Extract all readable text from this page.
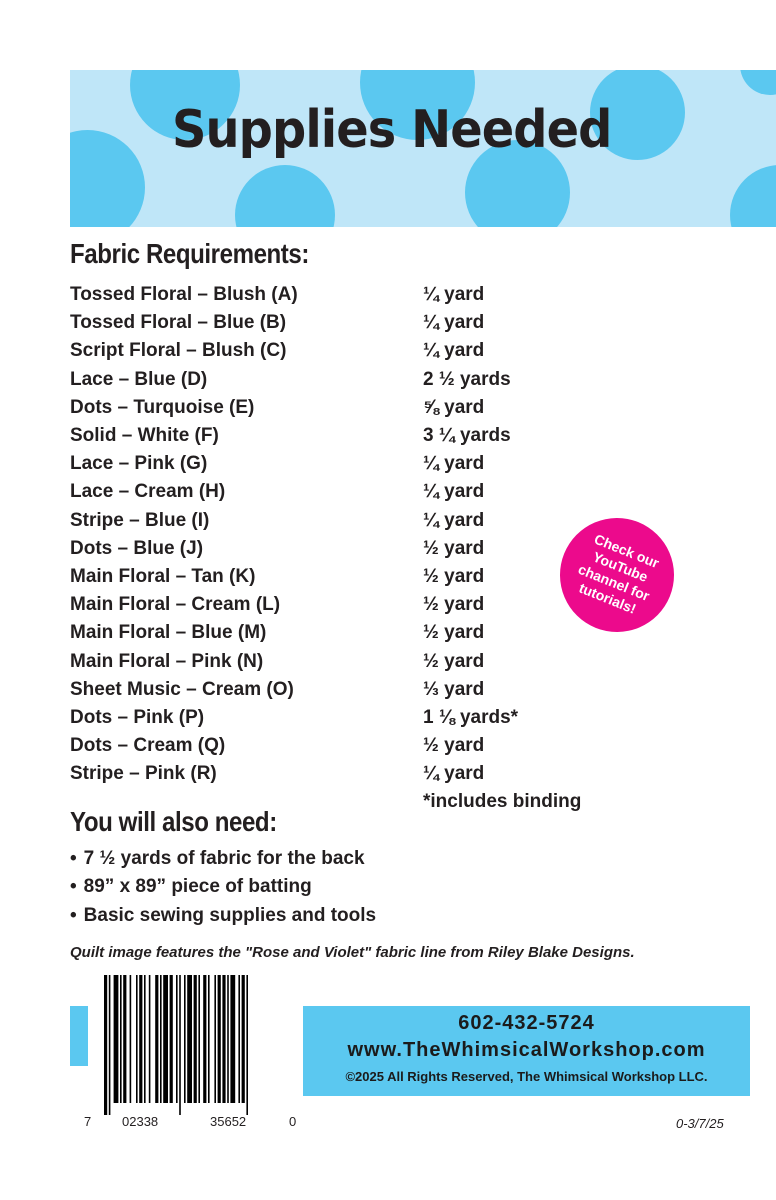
Supplies Needed
Fabric Requirements:
Tossed Floral – Blush (A)	¼ yard
Tossed Floral – Blue (B)	¼ yard
Script Floral – Blush (C)	¼ yard
Lace – Blue (D)	2 ½ yards
Dots – Turquoise (E)	⅝ yard
Solid – White (F)	3 ¼ yards
Lace – Pink (G)	¼ yard
Lace – Cream (H)	¼ yard
Stripe – Blue (I)	¼ yard
Dots – Blue (J)	½ yard
Main Floral – Tan (K)	½ yard
Main Floral – Cream (L)	½ yard
Main Floral – Blue (M)	½ yard
Main Floral – Pink (N)	½ yard
Sheet Music – Cream (O)	⅓ yard
Dots – Pink (P)	1 ⅛ yards*
Dots – Cream (Q)	½ yard
Stripe – Pink (R)	¼ yard
*includes binding
You will also need:
• 7 ½ yards of fabric for the back
• 89” x 89” piece of batting
• Basic sewing supplies and tools
Check our YouTube channel for tutorials!
Quilt image features the "Rose and Violet" fabric line from Riley Blake Designs.
7 02338	35652	0
602-432-5724
www.TheWhimsicalWorkshop.com
©2025 All Rights Reserved, The Whimsical Workshop LLC.
0-3/7/25
